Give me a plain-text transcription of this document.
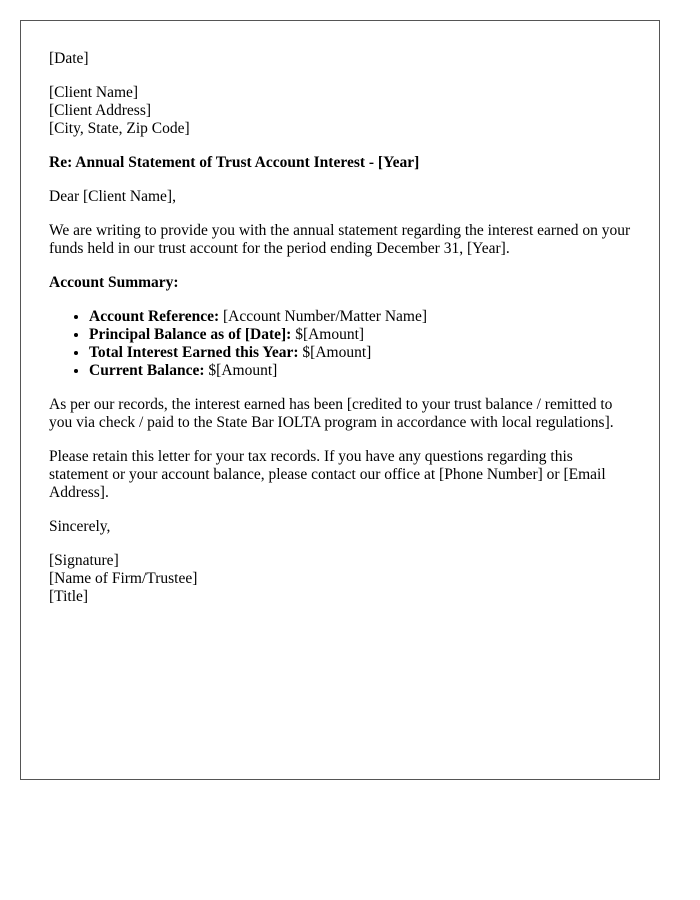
[Date]
[Client Name]
[Client Address]
[City, State, Zip Code]
Re: Annual Statement of Trust Account Interest - [Year]
Dear [Client Name],
We are writing to provide you with the annual statement regarding the interest earned on your funds held in our trust account for the period ending December 31, [Year].
Account Summary:
• Account Reference: [Account Number/Matter Name]
• Principal Balance as of [Date]: $[Amount]
• Total Interest Earned this Year: $[Amount]
• Current Balance: $[Amount]
As per our records, the interest earned has been [credited to your trust balance / remitted to you via check / paid to the State Bar IOLTA program in accordance with local regulations].
Please retain this letter for your tax records. If you have any questions regarding this statement or your account balance, please contact our office at [Phone Number] or [Email Address].
Sincerely,
[Signature]
[Name of Firm/Trustee]
[Title]
